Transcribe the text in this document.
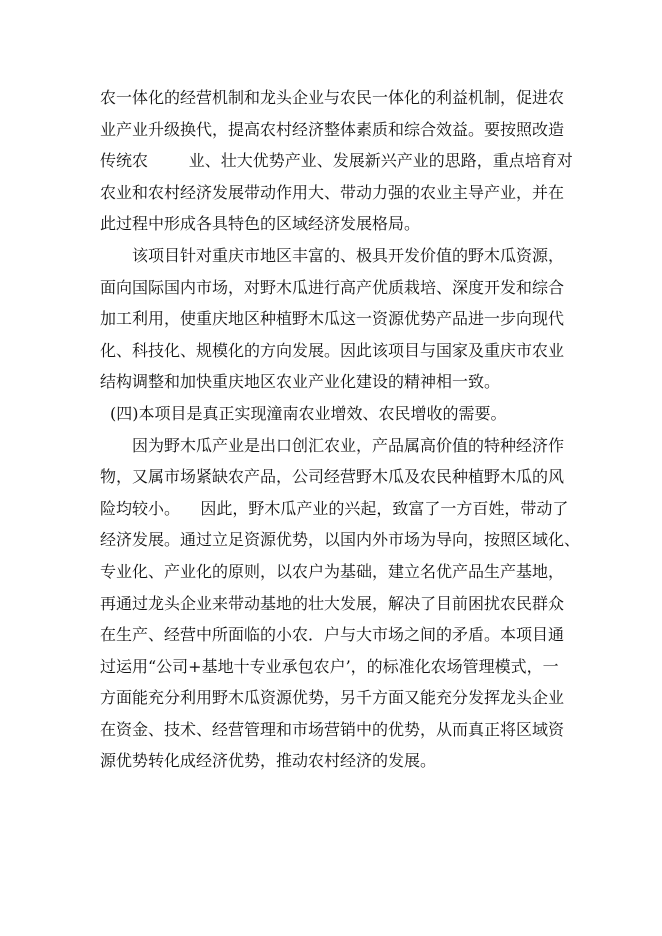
农一体化的经营机制和龙头企业与农民一体化的利益机制，促进农
业产业升级换代，提高农村经济整体素质和综合效益。要按照改造
传统农        业、壮大优势产业、发展新兴产业的思路，重点培育对
农业和农村经济发展带动作用大、带动力强的农业主导产业，并在
此过程中形成各具特色的区域经济发展格局。
该项目针对重庆市地区丰富的、极具开发价值的野木瓜资源，
面向国际国内市场，对野木瓜进行高产优质栽培、深度开发和综合
加工利用，使重庆地区种植野木瓜这一资源优势产品进一步向现代
化、科技化、规模化的方向发展。因此该项目与国家及重庆市农业
结构调整和加快重庆地区农业产业化建设的精神相一致。
(四)本项目是真正实现潼南农业增效、农民增收的需要。
因为野木瓜产业是出口创汇农业，产品属高价值的特种经济作
物，又属市场紧缺农产品，公司经营野木瓜及农民种植野木瓜的风
险均较小。    因此，野木瓜产业的兴起，致富了一方百姓，带动了
经济发展。通过立足资源优势，以国内外市场为导向，按照区域化、
专业化、产业化的原则，以农户为基础，建立名优产品生产基地，
再通过龙头企业来带动基地的壮大发展，解决了目前困扰农民群众
在生产、经营中所面临的小农．户与大市场之间的矛盾。本项目通
过运用“公司+基地十专业承包农户’，的标准化农场管理模式，一
方面能充分利用野木瓜资源优势，另千方面又能充分发挥龙头企业
在资金、技术、经营管理和市场营销中的优势，从而真正将区域资
源优势转化成经济优势，推动农村经济的发展。
